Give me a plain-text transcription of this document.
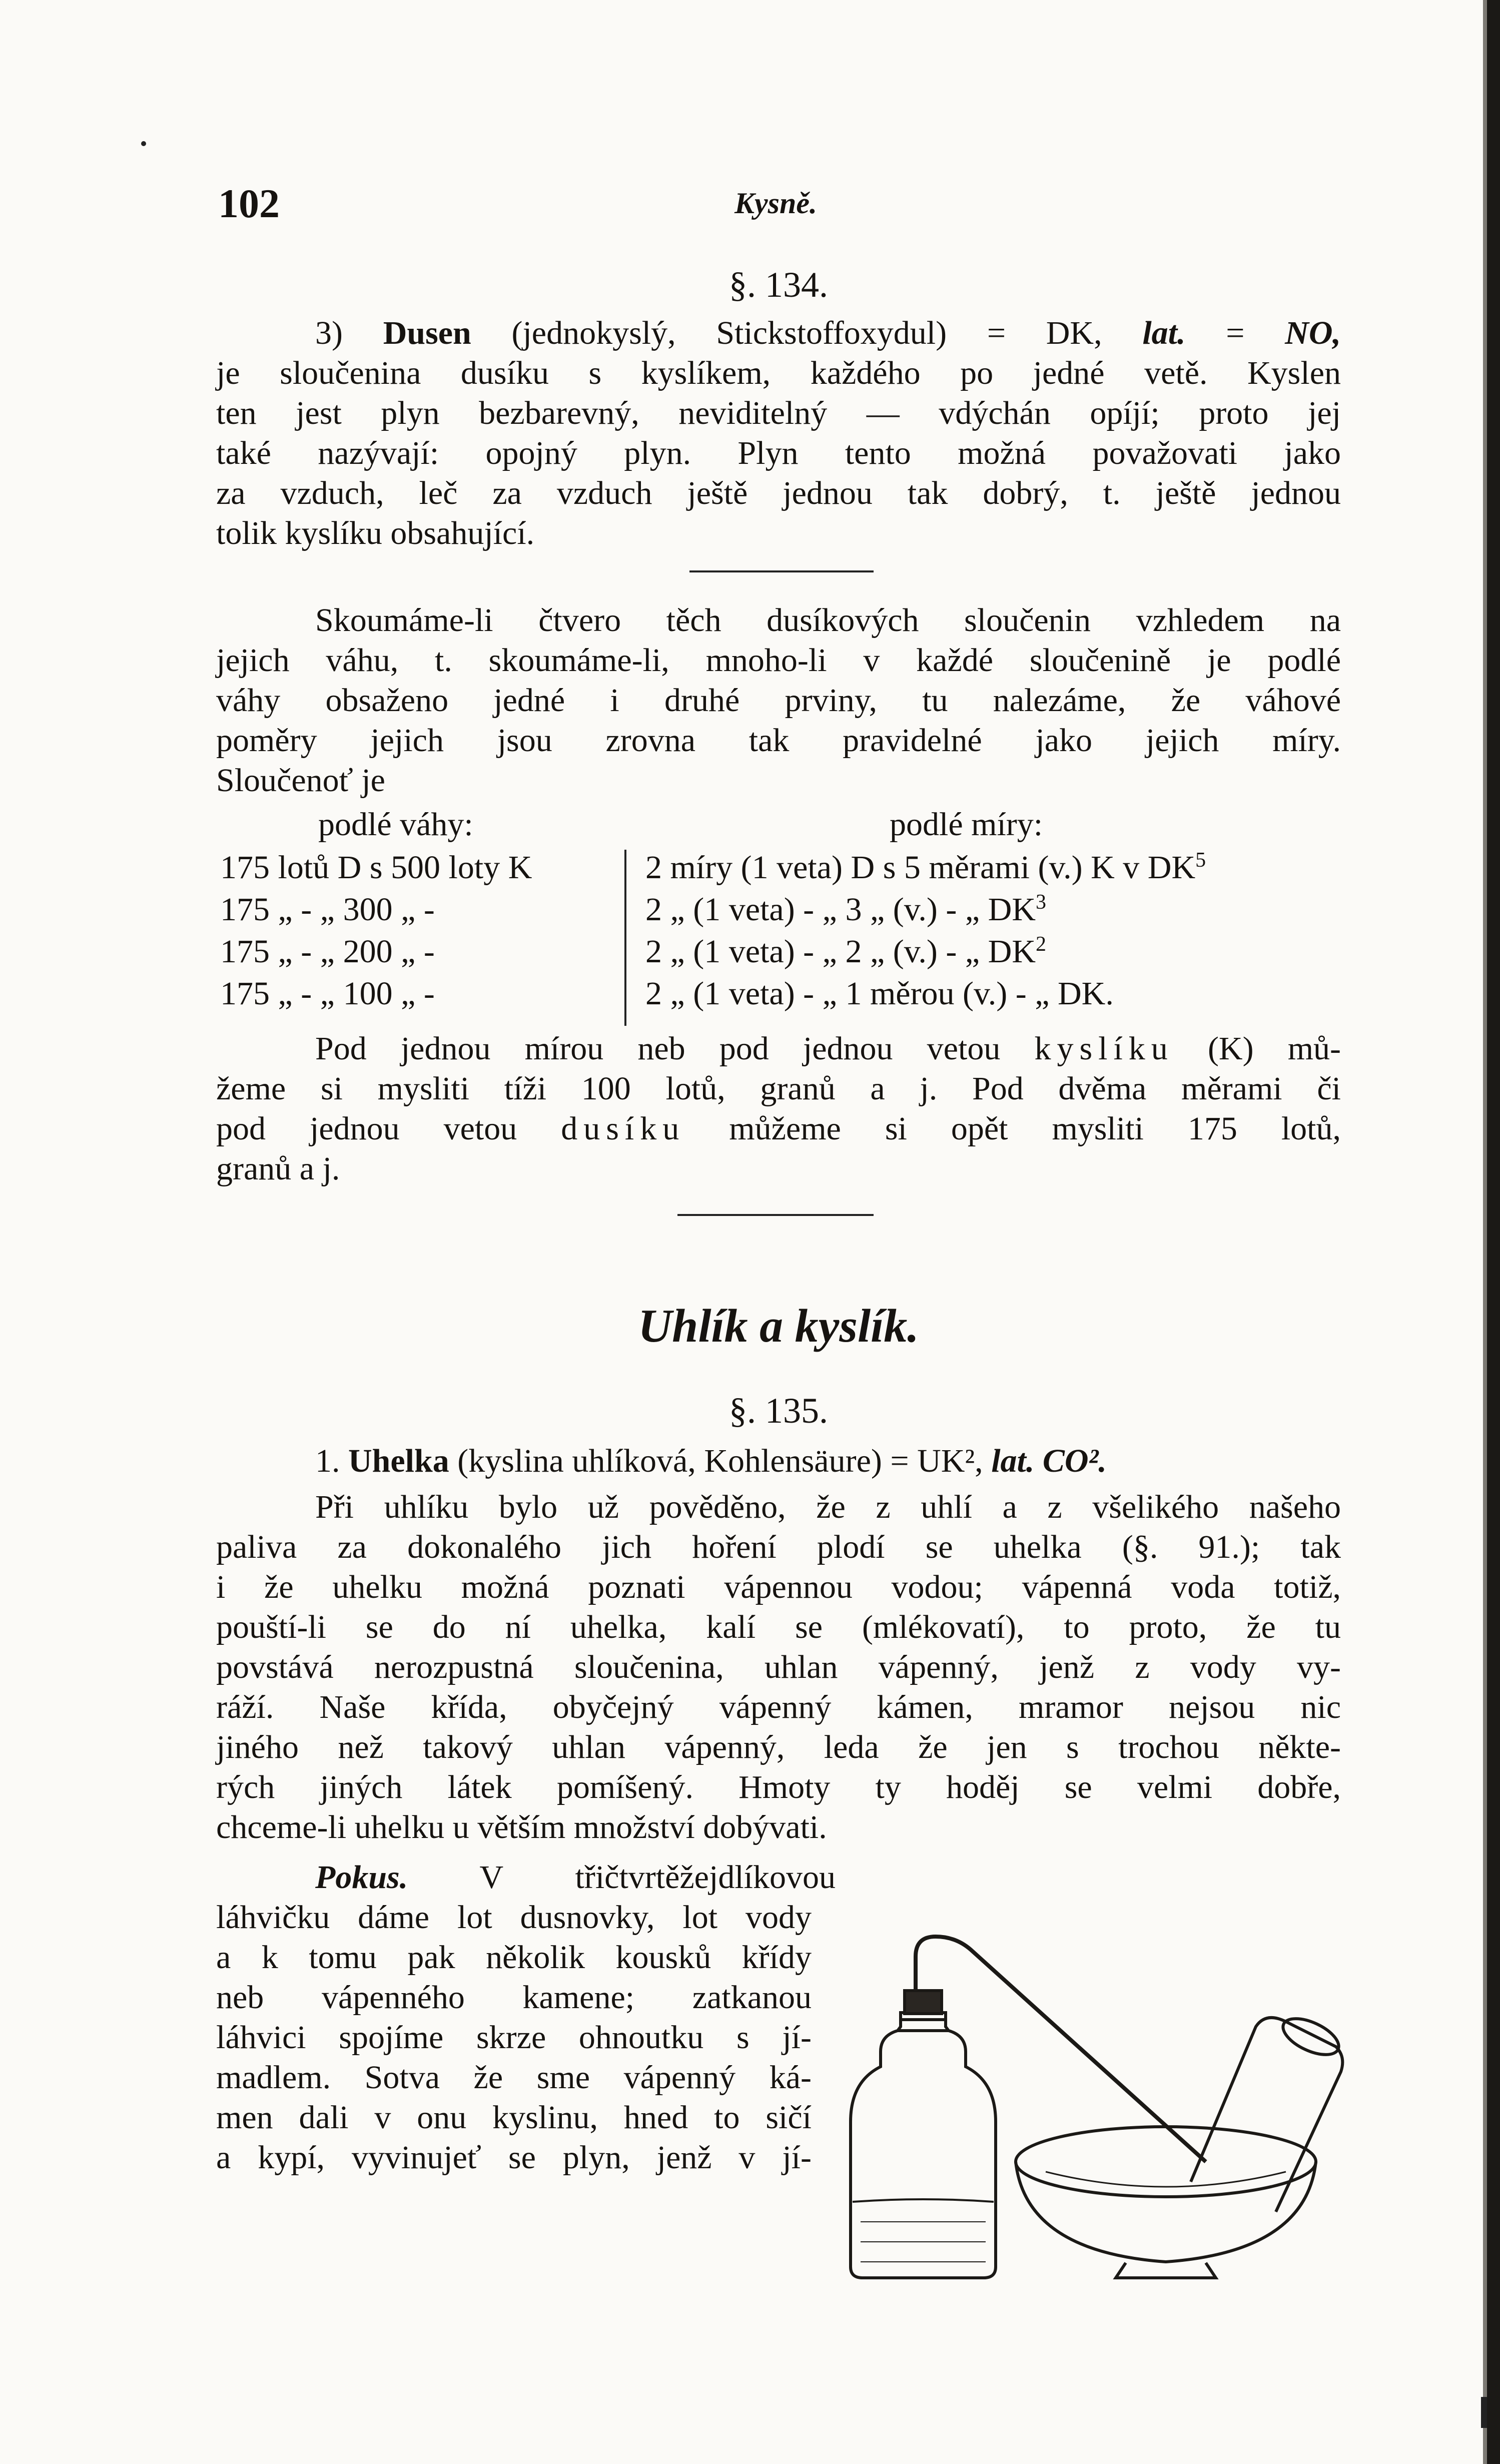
102	Kysně.
§. 134.
3) Dusen (jednokyslý, Stickstoffoxydul) = DK, lat. = NO,
je sloučenina dusíku s kyslíkem, každého po jedné vetě. Kyslen
ten jest plyn bezbarevný, neviditelný — vdýchán opíjí; proto jej
také nazývají: opojný plyn. Plyn tento možná považovati jako
za vzduch, leč za vzduch ještě jednou tak dobrý, t. ještě jednou
tolik kyslíku obsahující.
Skoumáme-li čtvero těch dusíkových sloučenin vzhledem na
jejich váhu, t. skoumáme-li, mnoho-li v každé sloučenině je podlé
váhy obsaženo jedné i druhé prviny, tu nalezáme, že váhové
poměry jejich jsou zrovna tak pravidelné jako jejich míry.
Sloučenoť je
podlé váhy:	podlé míry:
175 lotů D s 500 loty K	2 míry (1 veta) D s 5 měrami (v.) K v $DK^5$
175 „ - „ 300 „ -	2 „ (1 veta) - „ 3 „ (v.) - „ $DK^3$
175 „ - „ 200 „ -	2 „ (1 veta) - „ 2 „ (v.) - „ $DK^2$
175 „ - „ 100 „ -	2 „ (1 veta) - „ 1 měrou (v.) - „ DK.
Pod jednou mírou neb pod jednou vetou kyslíku (K) mů-
žeme si mysliti tíži 100 lotů, granů a j. Pod dvěma měrami či
pod jednou vetou dusíku můžeme si opět mysliti 175 lotů,
granů a j.
Uhlík a kyslík.
§. 135.
1. Uhelka (kyslina uhlíková, Kohlensäure) = UK², lat. CO².
Při uhlíku bylo už pověděno, že z uhlí a z všelikého našeho
paliva za dokonalého jich hoření plodí se uhelka (§. 91.); tak
i že uhelku možná poznati vápennou vodou; vápenná voda totiž,
pouští-li se do ní uhelka, kalí se (mlékovatí), to proto, že tu
povstává nerozpustná sloučenina, uhlan vápenný, jenž z vody vy-
ráží. Naše křída, obyčejný vápenný kámen, mramor nejsou nic
jiného než takový uhlan vápenný, leda že jen s trochou někte-
rých jiných látek pomíšený. Hmoty ty hoděj se velmi dobře,
chceme-li uhelku u větším množství dobývati.
Pokus. V třičtvrtěžejdlíkovou
láhvičku dáme lot dusnovky, lot vody
a k tomu pak několik kousků křídy
neb vápenného kamene; zatkanou
láhvici spojíme skrze ohnoutku s jí-
madlem. Sotva že sme vápenný ká-
men dali v onu kyslinu, hned to sičí
a kypí, vyvinujeť se plyn, jenž v jí-
